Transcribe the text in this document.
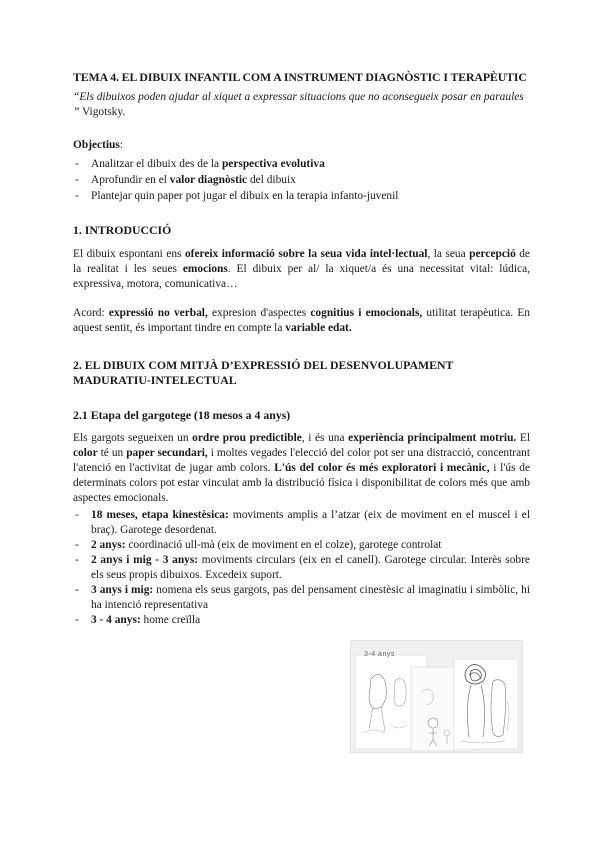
TEMA 4. EL DIBUIX INFANTIL COM A INSTRUMENT DIAGNÒSTIC I TERAPÈUTIC

“Els dibuixos poden ajudar al xiquet a expressar situacions que no aconsegueix posar en paraules ” Vigotsky.

Objectius:
- Analitzar el dibuix des de la perspectiva evolutiva
- Aprofundir en el valor diagnòstic del dibuix
- Plantejar quin paper pot jugar el dibuix en la terapia infanto-juvenil
1. INTRODUCCIÓ

El dibuix espontani ens ofereix informació sobre la seua vida intel·lectual, la seua percepció de la realitat i les seues emocions. El dibuix per al/ la xiquet/a és una necessitat vital: lúdica, expressiva, motora, comunicativa…

Acord: expressió no verbal, expresion d'aspectes cognitius i emocionals, utilitat terapèutica. En aquest sentit, és important tindre en compte la variable edat.

2. EL DIBUIX COM MITJÀ D’EXPRESSIÓ DEL DESENVOLUPAMENT MADURATIU-INTELECTUAL
2.1 Etapa del gargotege (18 mesos a 4 anys)

Els gargots segueixen un ordre prou predictible, i és una experiència principalment motriu. El color té un paper secundari, i moltes vegades l'elecció del color pot ser una distracció, concentrant l'atenció en l'activitat de jugar amb colors. L'ús del color és més exploratori i mecànic, i l'ús de determinats colors pot estar vinculat amb la distribució física i disponibilitat de colors més que amb aspectes emocionals.

- 18 meses, etapa kinestèsica: moviments amplis a l’atzar (eix de moviment en el muscel i el braç). Garotege desordenat.
- 2 anys: coordinació ull-mà (eix de moviment en el colze), garotege controlat
- 2 anys i mig - 3 anys: moviments circulars (eix en el canell). Garotege circular. Interès sobre els seus propis dibuixos. Excedeix suport.
- 3 anys i mig: nomena els seus gargots, pas del pensament cinestèsic al imaginatiu i simbòlic, hi ha intenció representativa
- 3 - 4 anys: home creïlla
3-4 anys
